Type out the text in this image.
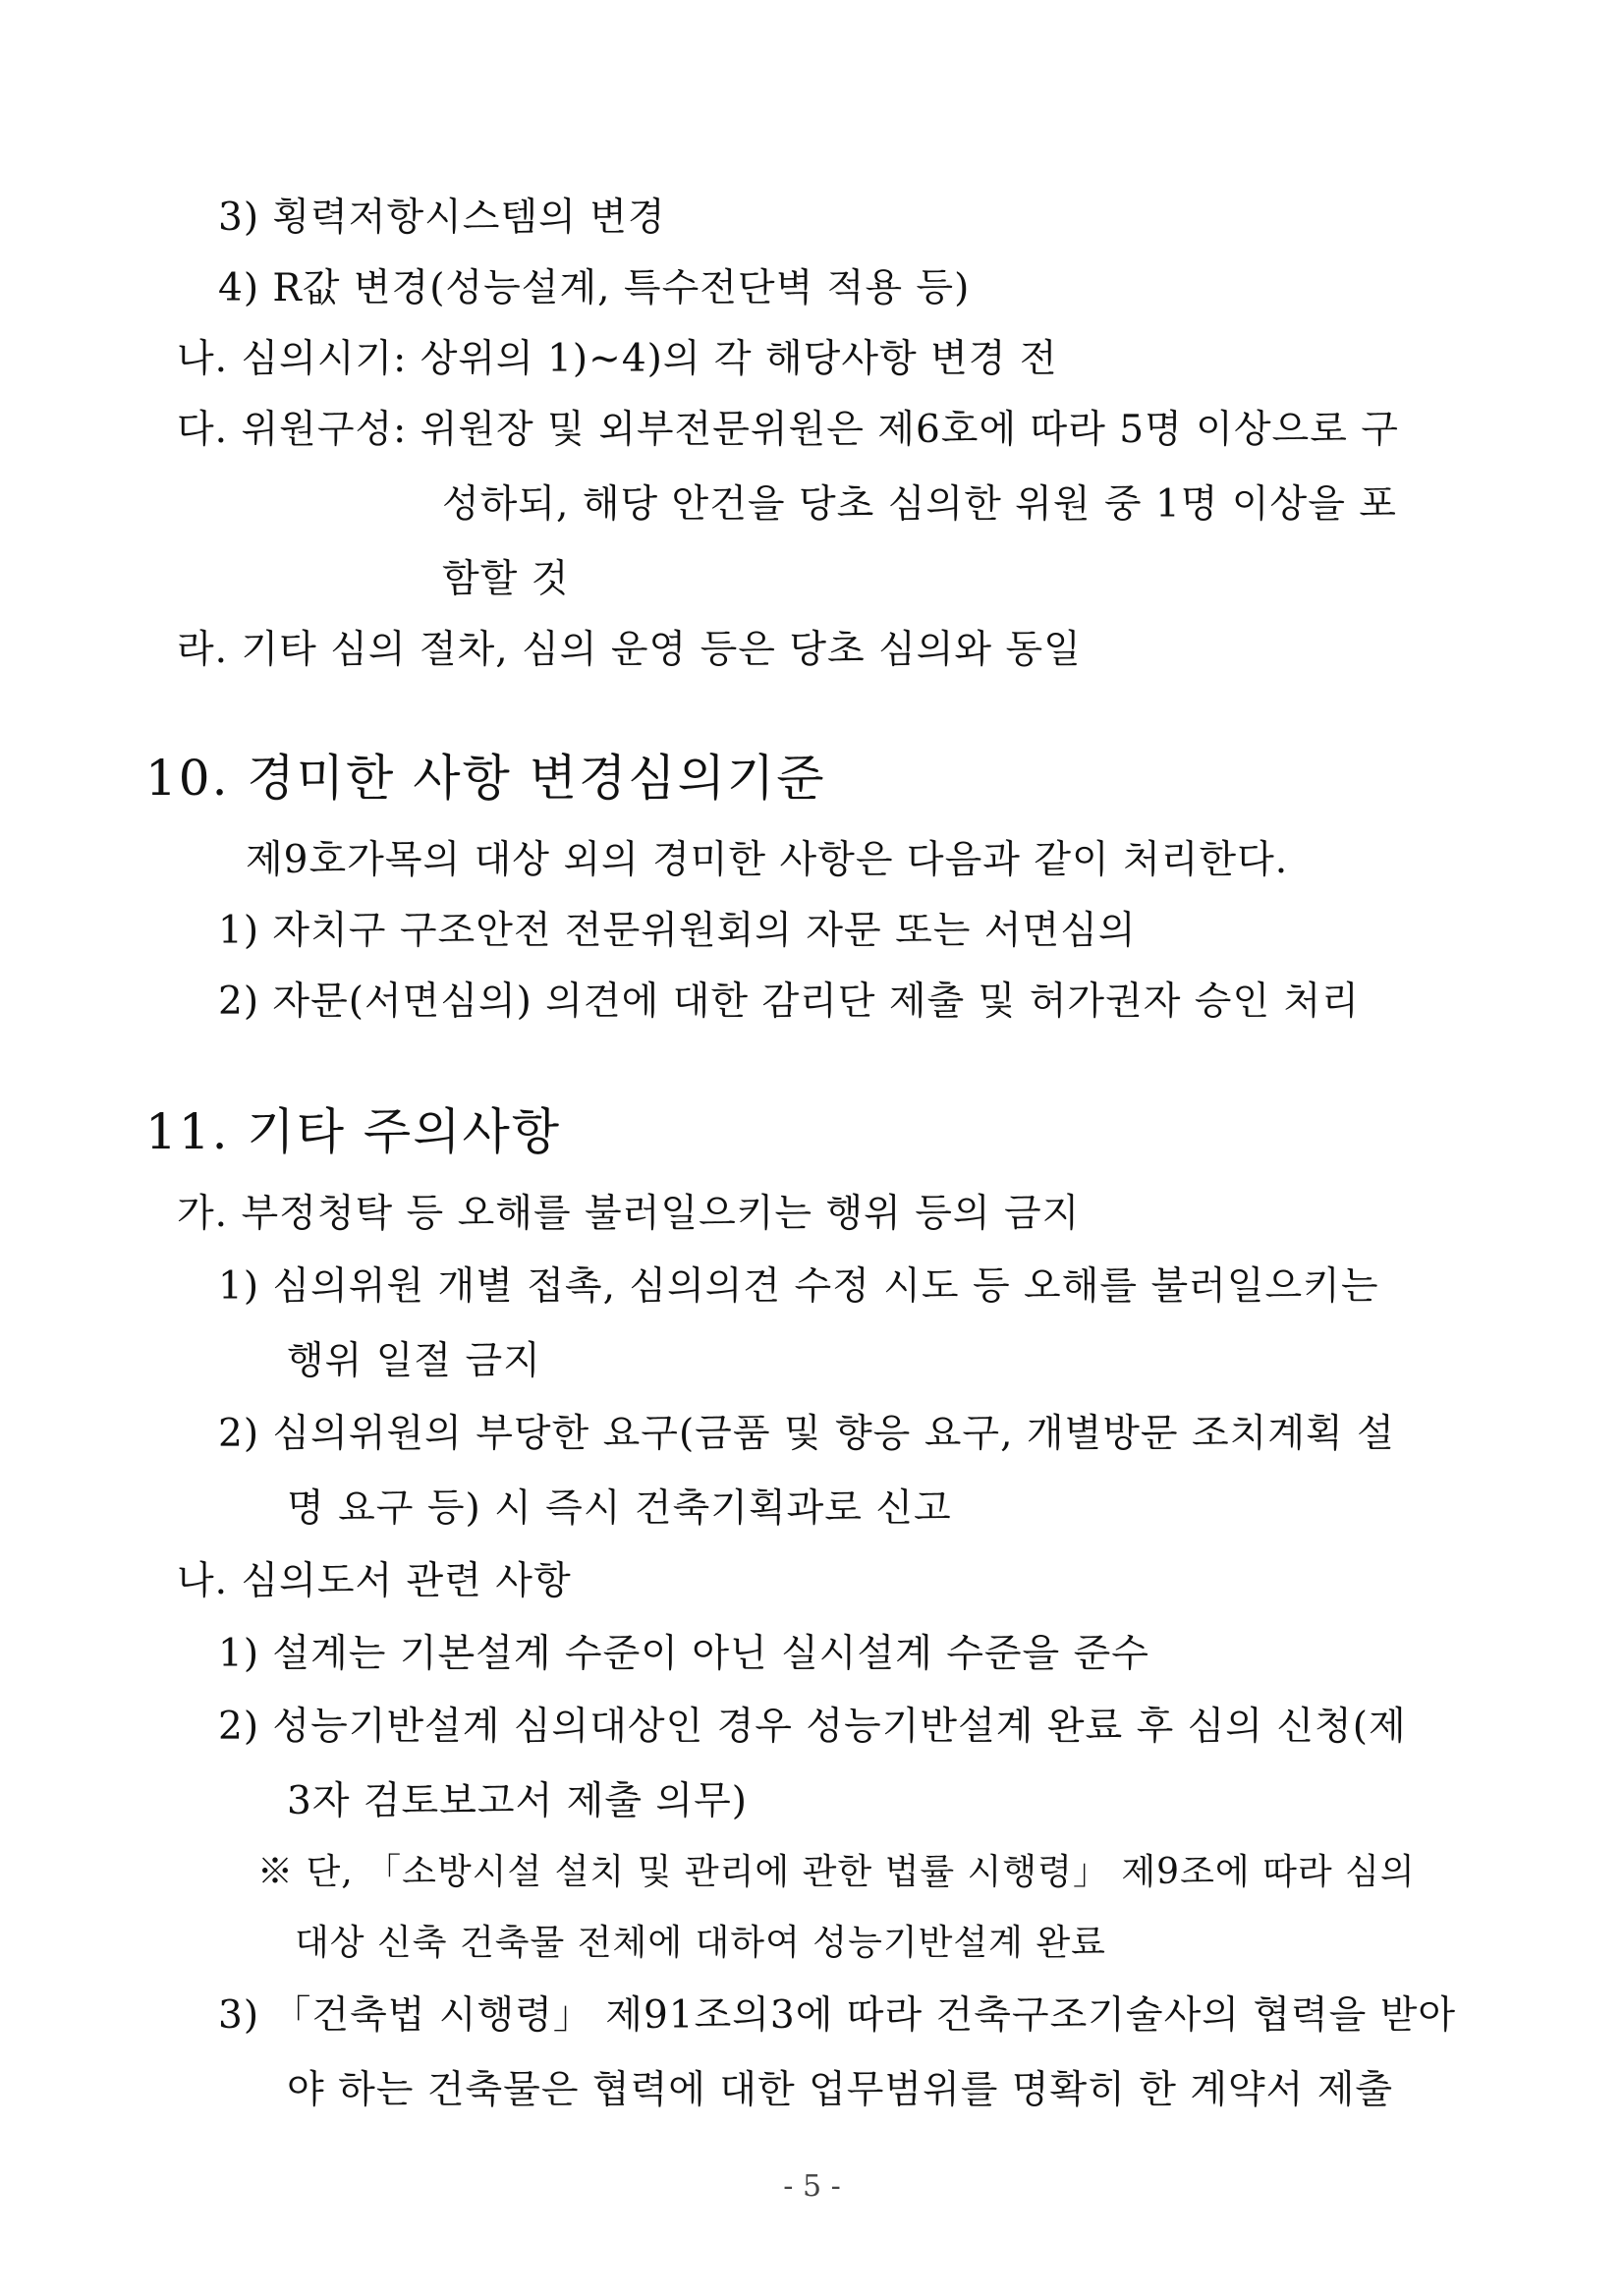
3) 횡력저항시스템의 변경
4) R값 변경(성능설계, 특수전단벽 적용 등)
나. 심의시기: 상위의 1)~4)의 각 해당사항 변경 전
다. 위원구성: 위원장 및 외부전문위원은 제6호에 따라 5명 이상으로 구
성하되, 해당 안건을 당초 심의한 위원 중 1명 이상을 포
함할 것
라. 기타 심의 절차, 심의 운영 등은 당초 심의와 동일
10. 경미한 사항 변경심의기준
제9호가목의 대상 외의 경미한 사항은 다음과 같이 처리한다.
1) 자치구 구조안전 전문위원회의 자문 또는 서면심의
2) 자문(서면심의) 의견에 대한 감리단 제출 및 허가권자 승인 처리
11. 기타 주의사항
가. 부정청탁 등 오해를 불러일으키는 행위 등의 금지
1) 심의위원 개별 접촉, 심의의견 수정 시도 등 오해를 불러일으키는
행위 일절 금지
2) 심의위원의 부당한 요구(금품 및 향응 요구, 개별방문 조치계획 설
명 요구 등) 시 즉시 건축기획과로 신고
나. 심의도서 관련 사항
1) 설계는 기본설계 수준이 아닌 실시설계 수준을 준수
2) 성능기반설계 심의대상인 경우 성능기반설계 완료 후 심의 신청(제
3자 검토보고서 제출 의무)
※ 단, 「소방시설 설치 및 관리에 관한 법률 시행령」 제9조에 따라 심의
대상 신축 건축물 전체에 대하여 성능기반설계 완료
3) 「건축법 시행령」 제91조의3에 따라 건축구조기술사의 협력을 받아
야 하는 건축물은 협력에 대한 업무범위를 명확히 한 계약서 제출
- 5 -
